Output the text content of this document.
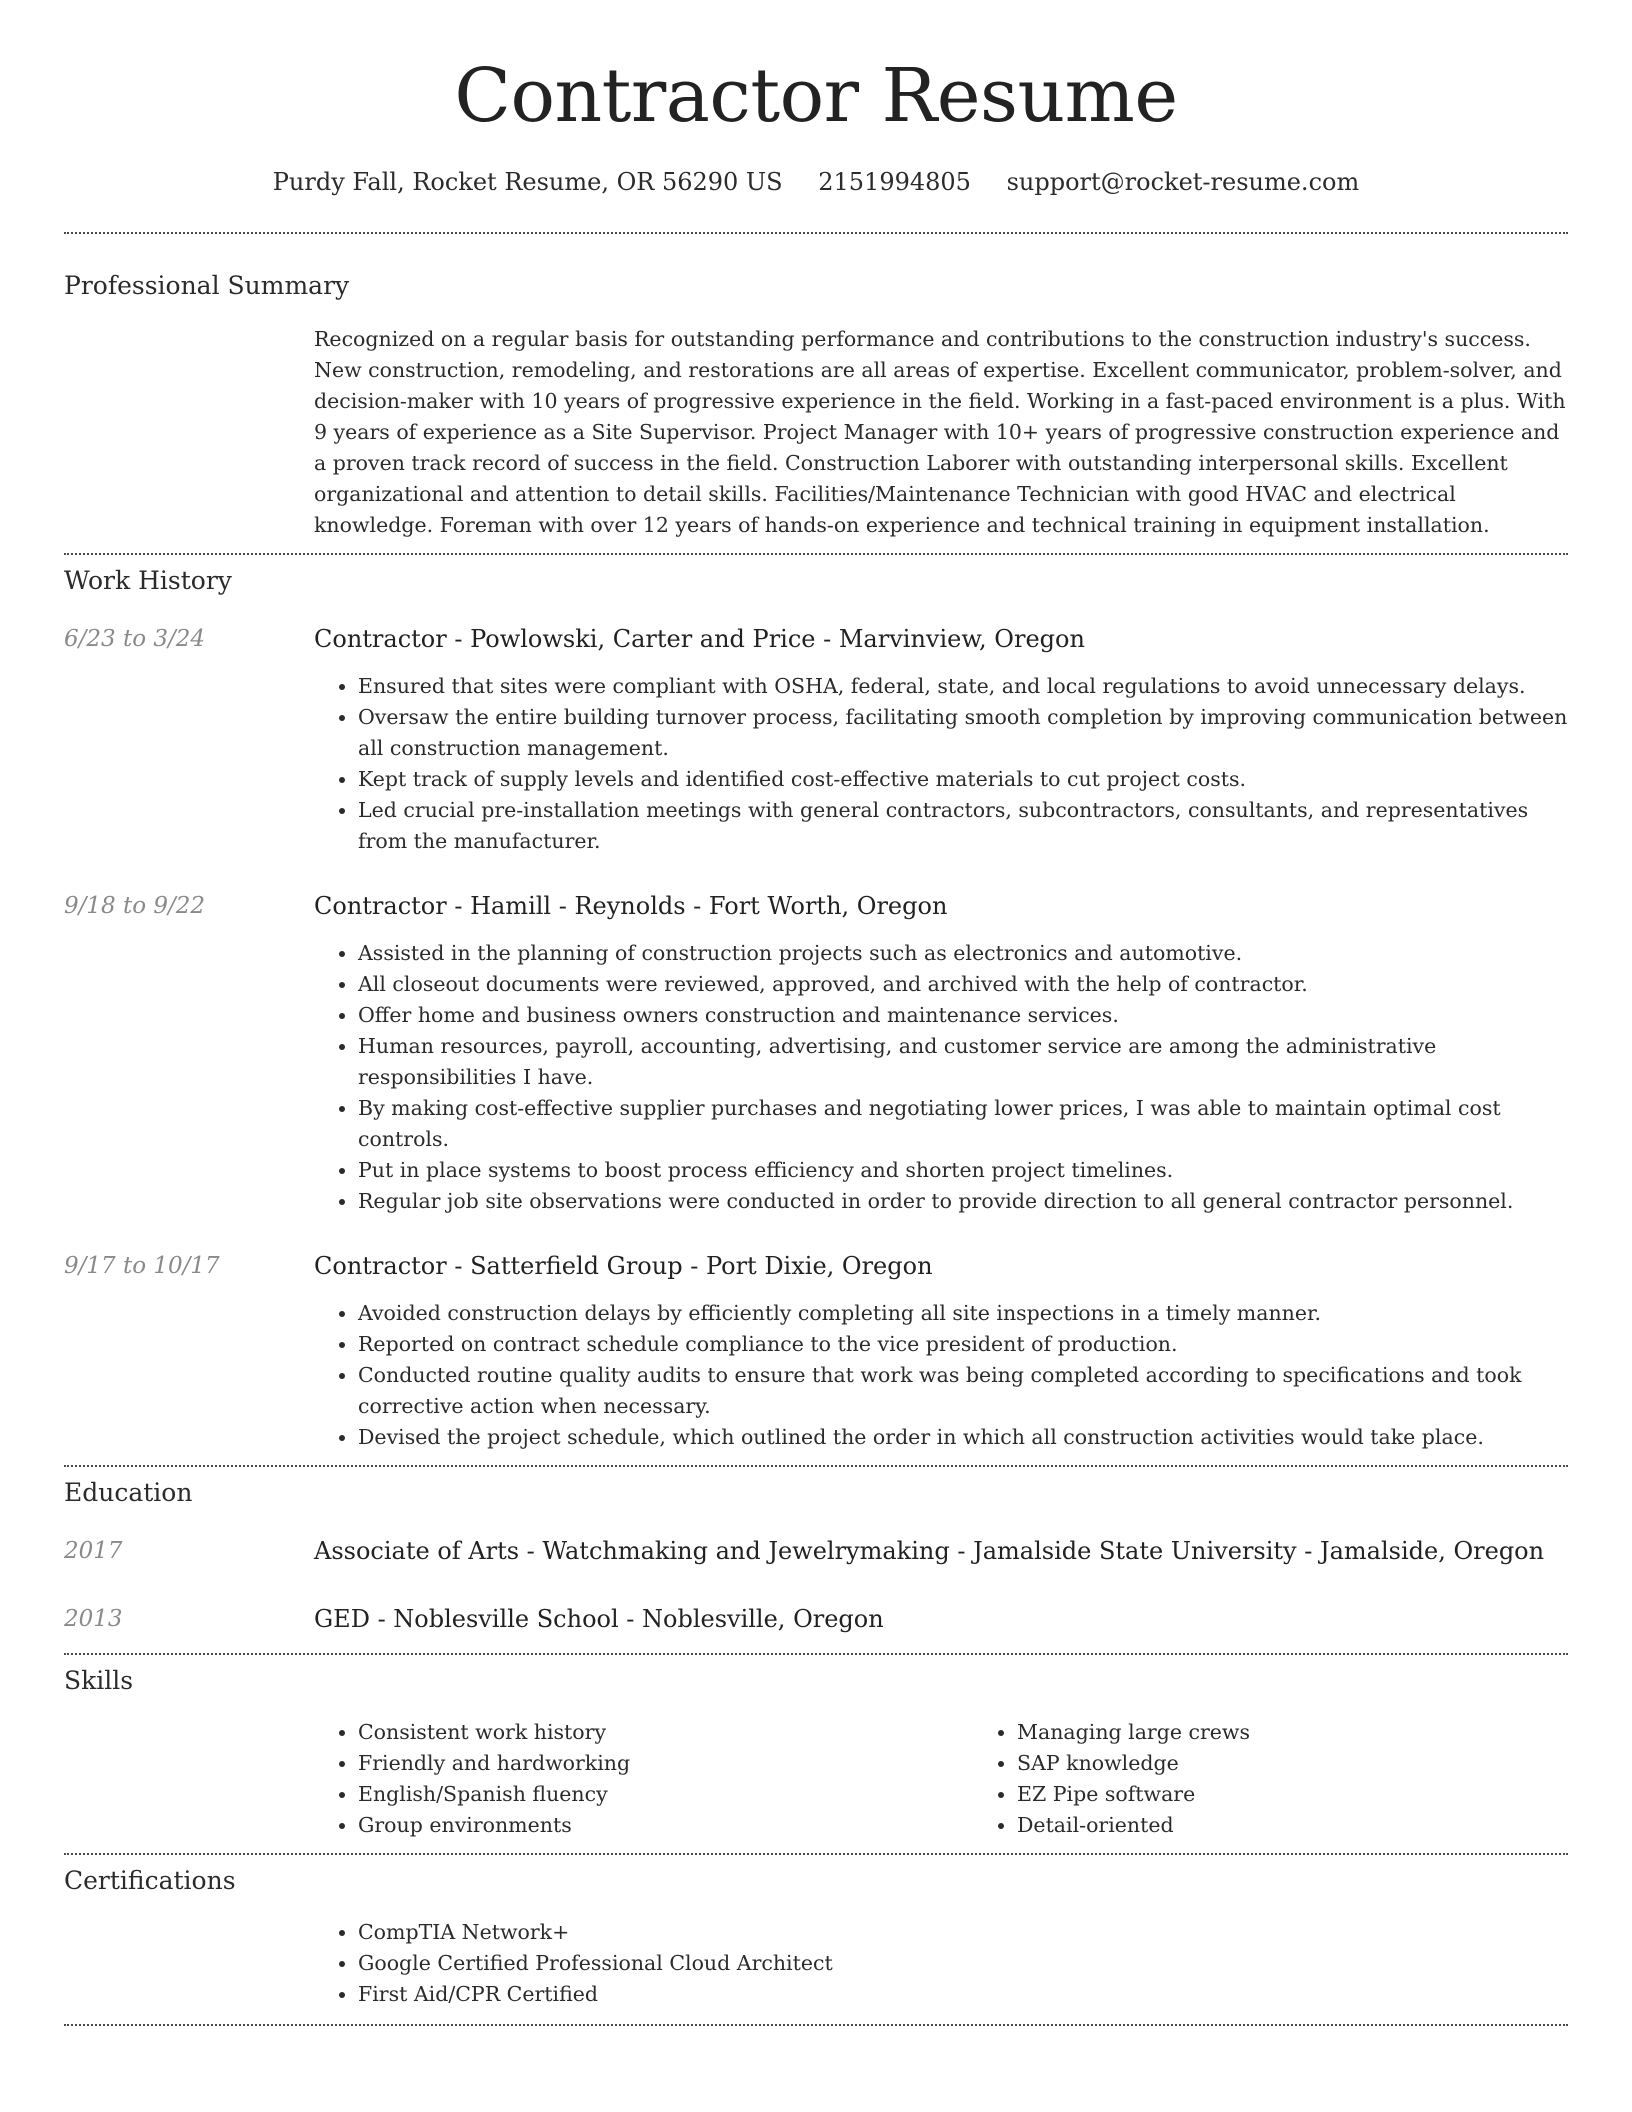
Contractor Resume
Purdy Fall, Rocket Resume, OR 56290 US 2151994805 support@rocket-resume.com
Professional Summary

Recognized on a regular basis for outstanding performance and contributions to the construction industry's success. New construction, remodeling, and restorations are all areas of expertise. Excellent communicator, problem-solver, and decision-maker with 10 years of progressive experience in the field. Working in a fast-paced environment is a plus. With 9 years of experience as a Site Supervisor. Project Manager with 10+ years of progressive construction experience and a proven track record of success in the field. Construction Laborer with outstanding interpersonal skills. Excellent organizational and attention to detail skills. Facilities/Maintenance Technician with good HVAC and electrical knowledge. Foreman with over 12 years of hands-on experience and technical training in equipment installation.

Work History
6/23 to 3/24	Contractor - Powlowski, Carter and Price - Marvinview, Oregon
• Ensured that sites were compliant with OSHA, federal, state, and local regulations to avoid unnecessary delays.
• Oversaw the entire building turnover process, facilitating smooth completion by improving communication between all construction management.
• Kept track of supply levels and identified cost-effective materials to cut project costs.
• Led crucial pre-installation meetings with general contractors, subcontractors, consultants, and representatives from the manufacturer.
9/18 to 9/22	Contractor - Hamill - Reynolds - Fort Worth, Oregon
• Assisted in the planning of construction projects such as electronics and automotive.
• All closeout documents were reviewed, approved, and archived with the help of contractor.
• Offer home and business owners construction and maintenance services.
• Human resources, payroll, accounting, advertising, and customer service are among the administrative responsibilities I have.
• By making cost-effective supplier purchases and negotiating lower prices, I was able to maintain optimal cost controls.
• Put in place systems to boost process efficiency and shorten project timelines.
• Regular job site observations were conducted in order to provide direction to all general contractor personnel.
9/17 to 10/17	Contractor - Satterfield Group - Port Dixie, Oregon
• Avoided construction delays by efficiently completing all site inspections in a timely manner.
• Reported on contract schedule compliance to the vice president of production.
• Conducted routine quality audits to ensure that work was being completed according to specifications and took corrective action when necessary.
• Devised the project schedule, which outlined the order in which all construction activities would take place.
Education
2017	Associate of Arts - Watchmaking and Jewelrymaking - Jamalside State University - Jamalside, Oregon
2013	GED - Noblesville School - Noblesville, Oregon
Skills
• Consistent work history
• Friendly and hardworking
• English/Spanish fluency
• Group environments
• Managing large crews
• SAP knowledge
• EZ Pipe software
• Detail-oriented
Certifications
• CompTIA Network+
• Google Certified Professional Cloud Architect
• First Aid/CPR Certified
